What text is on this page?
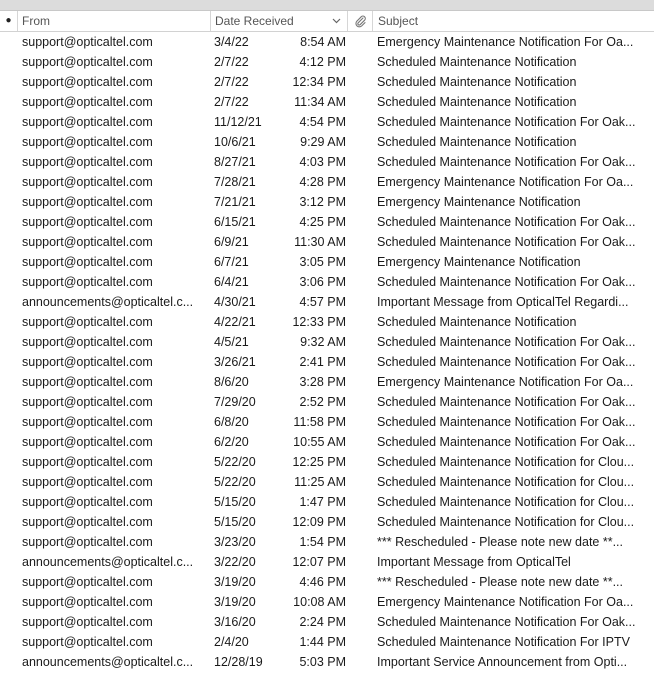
● From	Date Received	Subject
support@opticaltel.com	3/4/22	8:54 AM Emergency Maintenance Notification For Oa...
support@opticaltel.com	2/7/22	4:12 PM Scheduled Maintenance Notification
support@opticaltel.com	2/7/22	12:34 PM Scheduled Maintenance Notification
support@opticaltel.com	2/7/22	11:34 AM Scheduled Maintenance Notification
support@opticaltel.com	11/12/21	4:54 PM Scheduled Maintenance Notification For Oak...
support@opticaltel.com	10/6/21	9:29 AM Scheduled Maintenance Notification
support@opticaltel.com	8/27/21	4:03 PM Scheduled Maintenance Notification For Oak...
support@opticaltel.com	7/28/21	4:28 PM Emergency Maintenance Notification For Oa...
support@opticaltel.com	7/21/21	3:12 PM Emergency Maintenance Notification
support@opticaltel.com	6/15/21	4:25 PM Scheduled Maintenance Notification For Oak...
support@opticaltel.com	6/9/21	11:30 AM Scheduled Maintenance Notification For Oak...
support@opticaltel.com	6/7/21	3:05 PM Emergency Maintenance Notification
support@opticaltel.com	6/4/21	3:06 PM Scheduled Maintenance Notification For Oak...
announcements@opticaltel.c...	4/30/21	4:57 PM Important Message from OpticalTel Regardi...
support@opticaltel.com	4/22/21	12:33 PM Scheduled Maintenance Notification
support@opticaltel.com	4/5/21	9:32 AM Scheduled Maintenance Notification For Oak...
support@opticaltel.com	3/26/21	2:41 PM Scheduled Maintenance Notification For Oak...
support@opticaltel.com	8/6/20	3:28 PM Emergency Maintenance Notification For Oa...
support@opticaltel.com	7/29/20	2:52 PM Scheduled Maintenance Notification For Oak...
support@opticaltel.com	6/8/20	11:58 PM Scheduled Maintenance Notification For Oak...
support@opticaltel.com	6/2/20	10:55 AM Scheduled Maintenance Notification For Oak...
support@opticaltel.com	5/22/20	12:25 PM Scheduled Maintenance Notification for Clou...
support@opticaltel.com	5/22/20	11:25 AM Scheduled Maintenance Notification for Clou...
support@opticaltel.com	5/15/20	1:47 PM Scheduled Maintenance Notification for Clou...
support@opticaltel.com	5/15/20	12:09 PM Scheduled Maintenance Notification for Clou...
support@opticaltel.com	3/23/20	1:54 PM *** Rescheduled - Please note new date **...
announcements@opticaltel.c...	3/22/20	12:07 PM Important Message from OpticalTel
support@opticaltel.com	3/19/20	4:46 PM *** Rescheduled - Please note new date **...
support@opticaltel.com	3/19/20	10:08 AM Emergency Maintenance Notification For Oa...
support@opticaltel.com	3/16/20	2:24 PM Scheduled Maintenance Notification For Oak...
support@opticaltel.com	2/4/20	1:44 PM Scheduled Maintenance Notification For IPTV
announcements@opticaltel.c...	12/28/19	5:03 PM Important Service Announcement from Opti...
